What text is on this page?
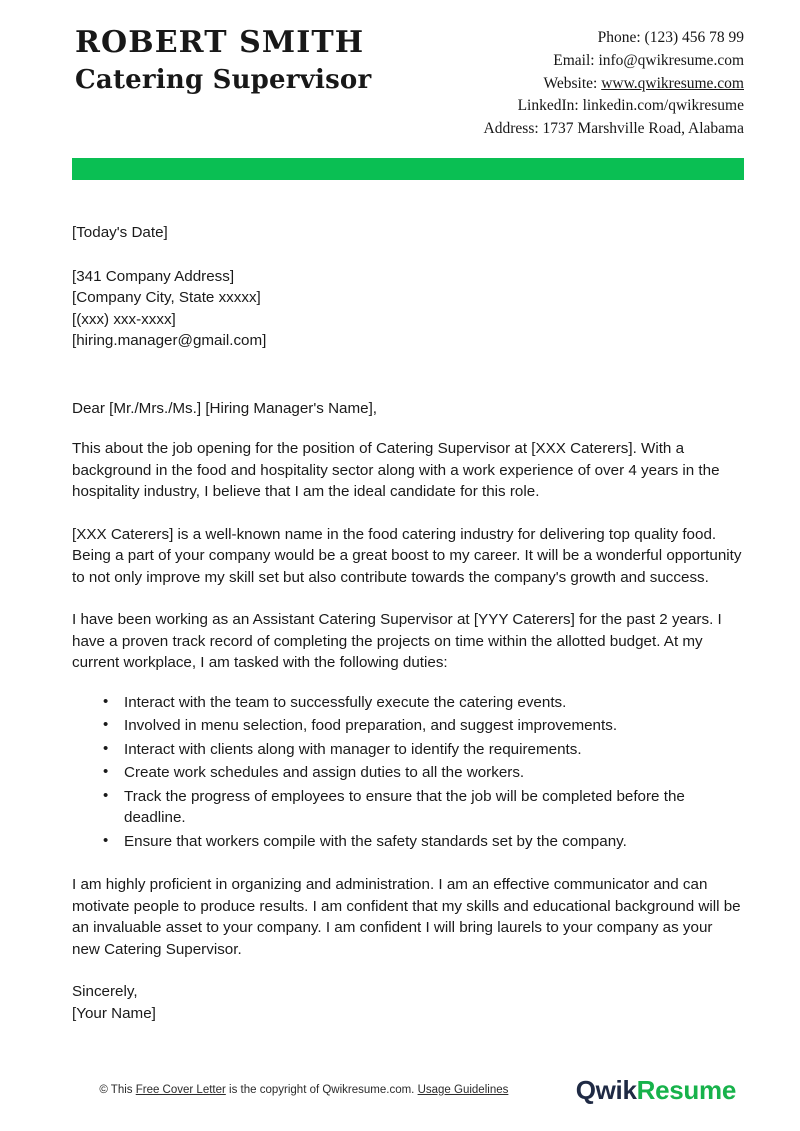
ROBERT SMITH
Catering Supervisor
Phone: (123) 456 78 99
Email: info@qwikresume.com
Website: www.qwikresume.com
LinkedIn: linkedin.com/qwikresume
Address: 1737 Marshville Road, Alabama
[Today's Date]
[341 Company Address]
[Company City, State xxxxx]
[(xxx) xxx-xxxx]
[hiring.manager@gmail.com]
Dear [Mr./Mrs./Ms.] [Hiring Manager's Name],

This about the job opening for the position of Catering Supervisor at [XXX Caterers]. With a background in the food and hospitality sector along with a work experience of over 4 years in the hospitality industry, I believe that I am the ideal candidate for this role.

[XXX Caterers] is a well-known name in the food catering industry for delivering top quality food. Being a part of your company would be a great boost to my career. It will be a wonderful opportunity to not only improve my skill set but also contribute towards the company's growth and success.

I have been working as an Assistant Catering Supervisor at [YYY Caterers] for the past 2 years. I have a proven track record of completing the projects on time within the allotted budget. At my current workplace, I am tasked with the following duties:

• Interact with the team to successfully execute the catering events.
• Involved in menu selection, food preparation, and suggest improvements.
• Interact with clients along with manager to identify the requirements.
• Create work schedules and assign duties to all the workers.
• Track the progress of employees to ensure that the job will be completed before the deadline.
• Ensure that workers compile with the safety standards set by the company.

I am highly proficient in organizing and administration. I am an effective communicator and can motivate people to produce results. I am confident that my skills and educational background will be an invaluable asset to your company. I am confident I will bring laurels to your company as your new Catering Supervisor.

Sincerely,
[Your Name]
© This Free Cover Letter is the copyright of Qwikresume.com. Usage Guidelines	QwikResume
